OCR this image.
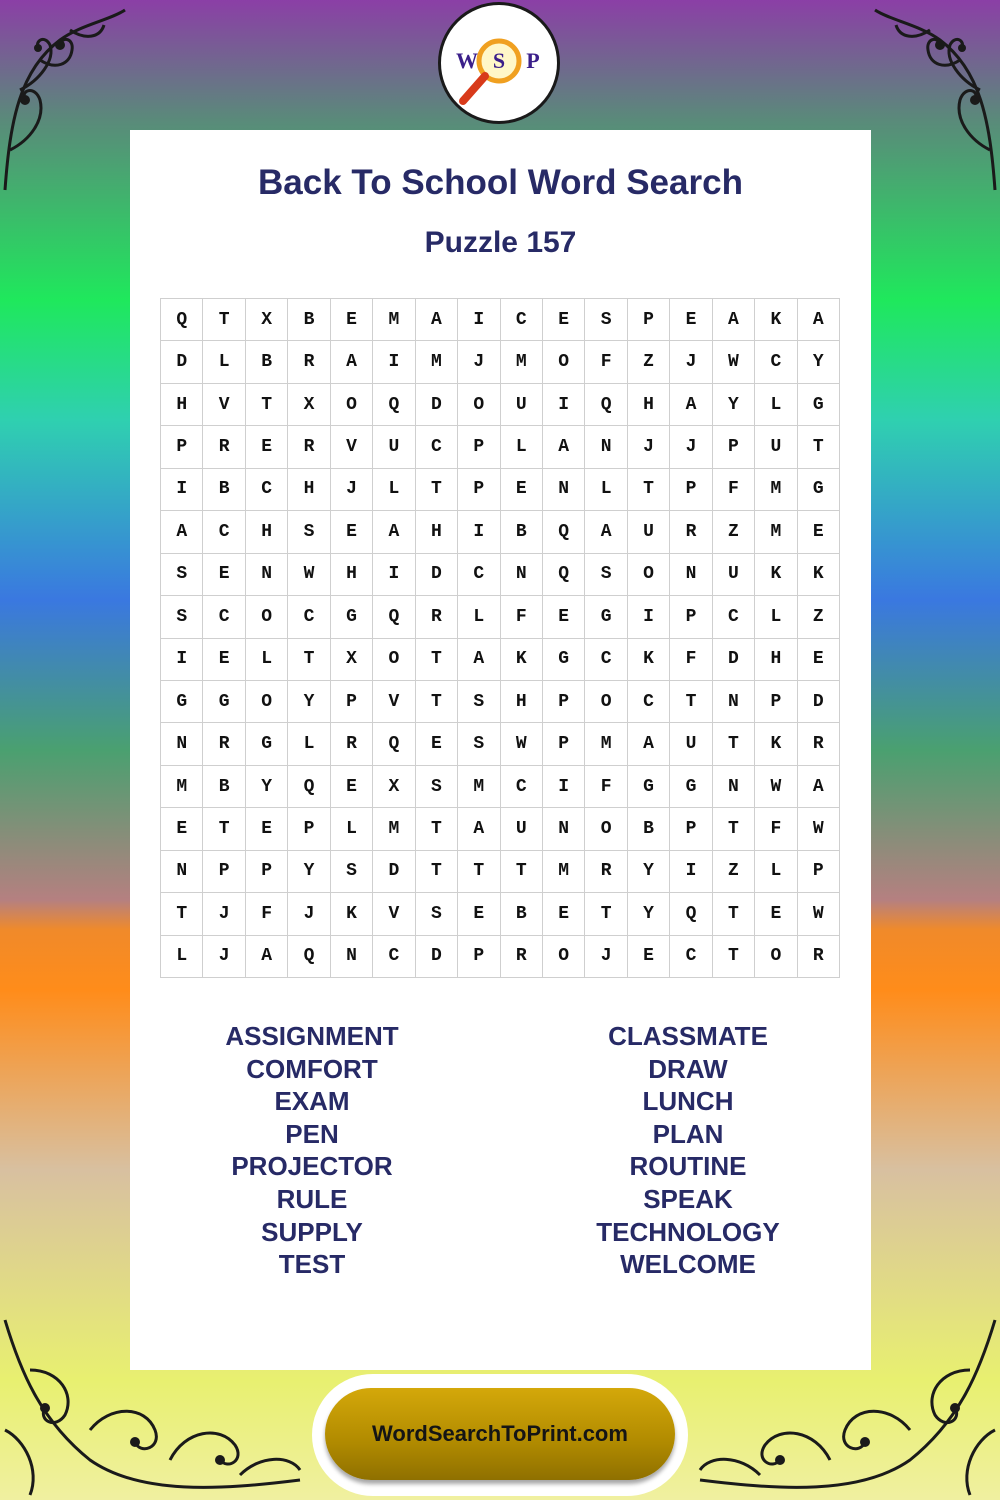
W S P
Back To School Word Search
Puzzle 157
Q	T	X	B	E	M	A	I	C	E	S	P	E	A	K	A
D	L	B	R	A	I	M	J	M	O	F	Z	J	W	C	Y
H	V	T	X	O	Q	D	O	U	I	Q	H	A	Y	L	G
P	R	E	R	V	U	C	P	L	A	N	J	J	P	U	T
I	B	C	H	J	L	T	P	E	N	L	T	P	F	M	G
A	C	H	S	E	A	H	I	B	Q	A	U	R	Z	M	E
S	E	N	W	H	I	D	C	N	Q	S	O	N	U	K	K
S	C	O	C	G	Q	R	L	F	E	G	I	P	C	L	Z
I	E	L	T	X	O	T	A	K	G	C	K	F	D	H	E
G	G	O	Y	P	V	T	S	H	P	O	C	T	N	P	D
N	R	G	L	R	Q	E	S	W	P	M	A	U	T	K	R
M	B	Y	Q	E	X	S	M	C	I	F	G	G	N	W	A
E	T	E	P	L	M	T	A	U	N	O	B	P	T	F	W
N	P	P	Y	S	D	T	T	T	M	R	Y	I	Z	L	P
T	J	F	J	K	V	S	E	B	E	T	Y	Q	T	E	W
L	J	A	Q	N	C	D	P	R	O	J	E	C	T	O	R
ASSIGNMENT
COMFORT
EXAM
PEN
PROJECTOR
RULE
SUPPLY
TEST
CLASSMATE
DRAW
LUNCH
PLAN
ROUTINE
SPEAK
TECHNOLOGY
WELCOME
WordSearchToPrint.com
